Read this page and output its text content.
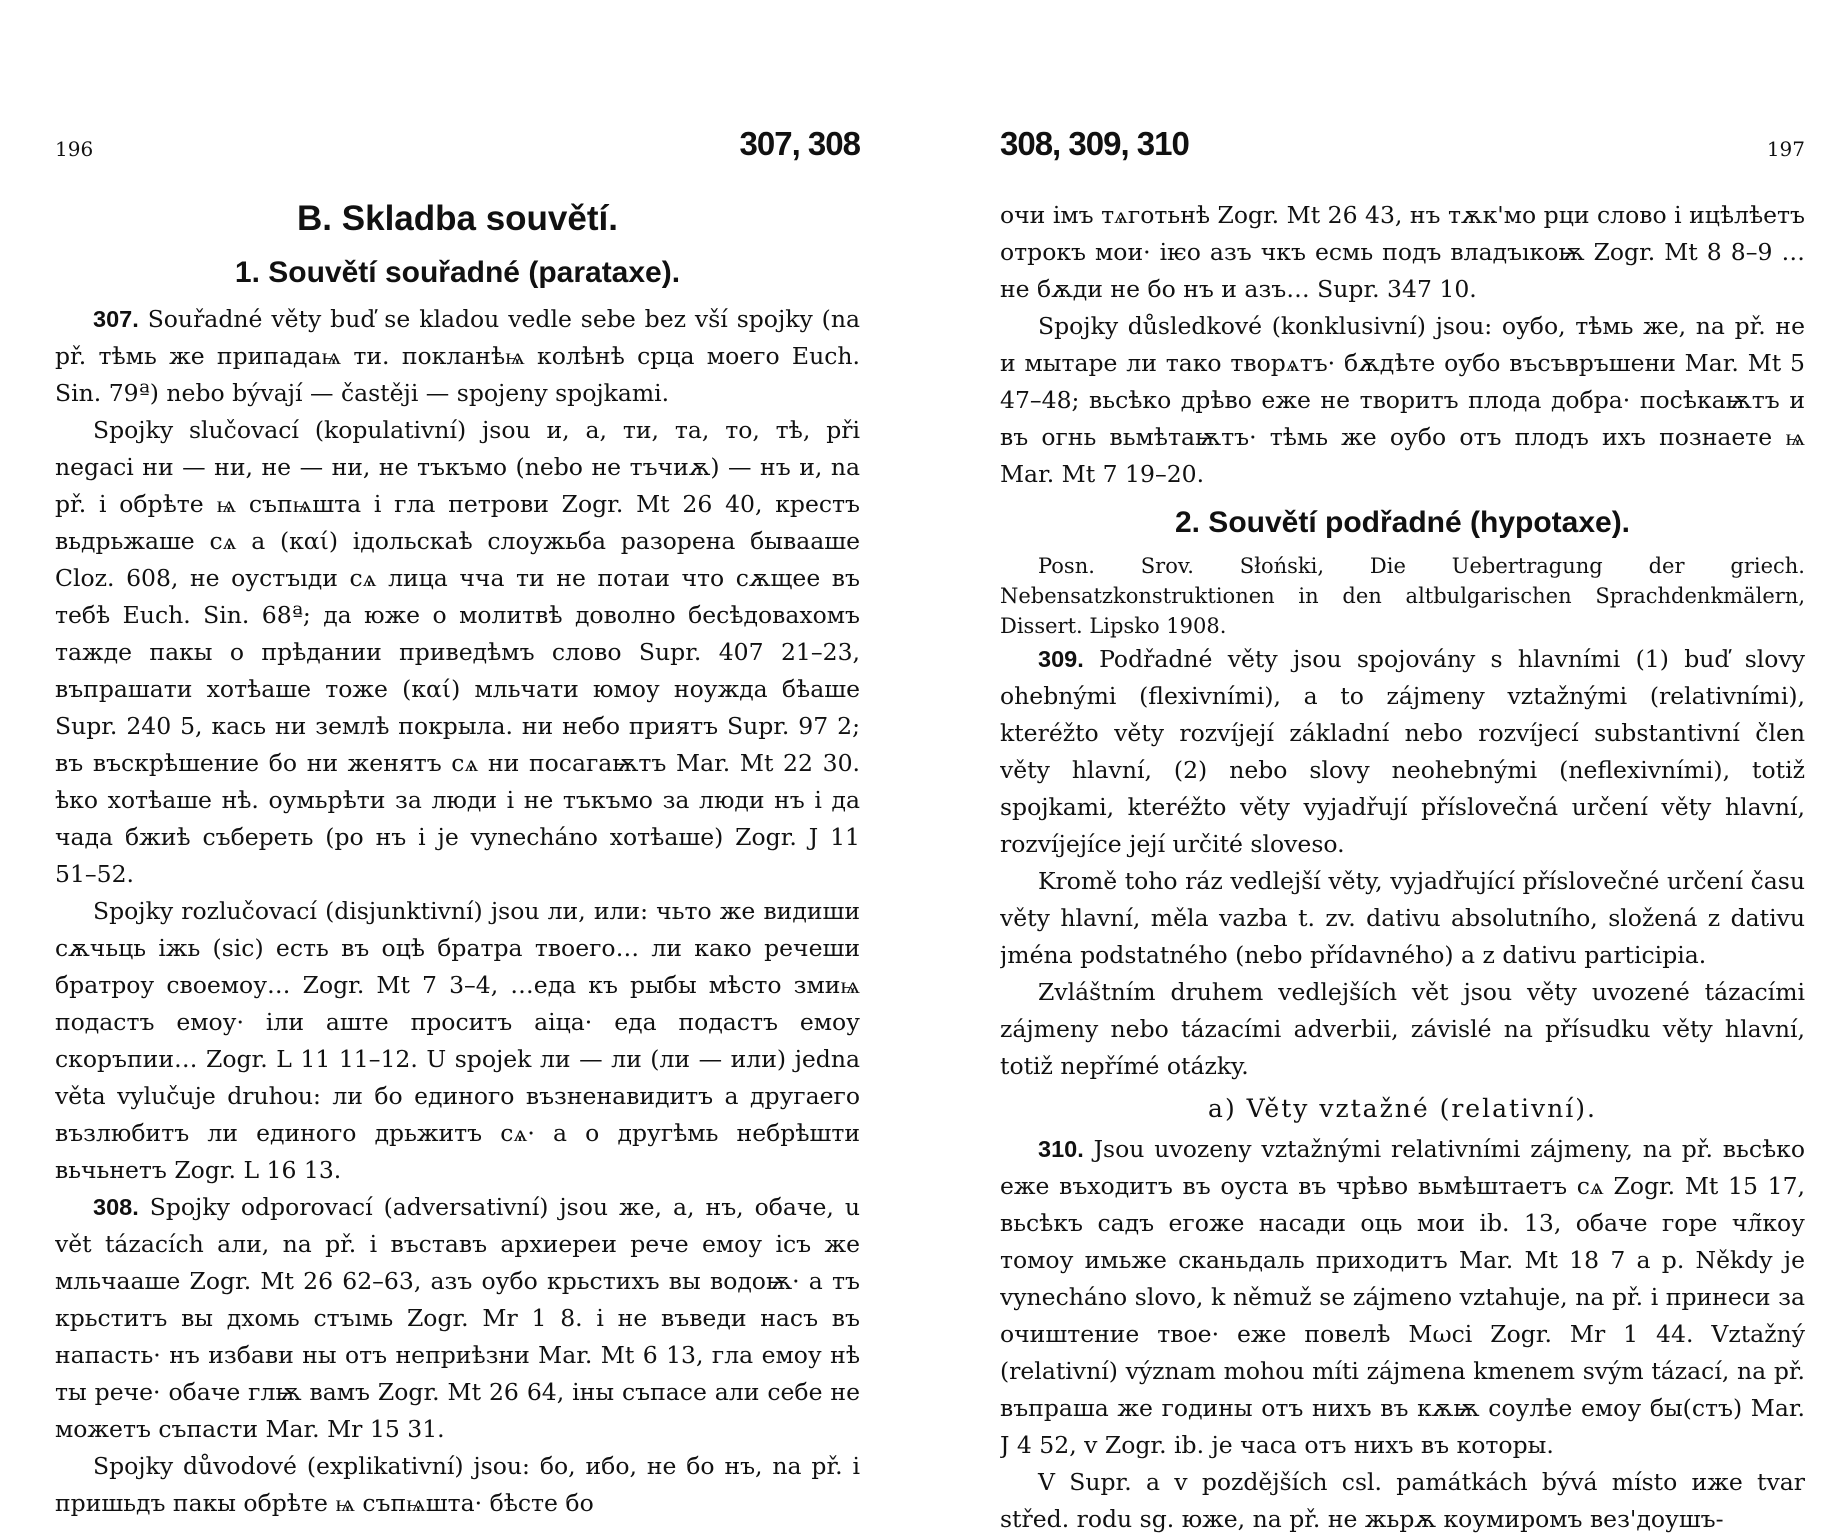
196	307, 308
B. Skladba souvětí.
1. Souvětí souřadné (parataxe).

307. Souřadné věty buď se kladou vedle sebe bez vší spojky (na př. тѣмь же припадаѩ ти. покланѣѩ колѣнѣ срца моего Euch. Sin. 79ª) nebo bývají — častěji — spojeny spojkami.

Spojky slučovací (kopulativní) jsou и, а, ти, та, то, тѣ, při negaci ни — ни, не — ни, не тъкъмо (nebo не тъчиѫ) — нъ и, na př. і обрѣте ѩ съпѩшта і гла петрови Zogr. Mt 26 40, крестъ вьдрьжаше сѧ а (καί) ідольскаѣ слоужьба разорена бывааше Cloz. 608, не оустъıди сѧ лица чча ти не потаи что сѫщее въ тебѣ Euch. Sin. 68ª; да юже о молитвѣ доволно бесѣдовахомъ тажде пакы о прѣдании приведѣмъ слово Supr. 407 21–23, въпрашати хотѣаше тоже (καί) мльчати юмоу ноужда бѣаше Supr. 240 5, кась ни землѣ покрыла. ни небо приятъ Supr. 97 2; въ въскрѣшение бо ни женятъ сѧ ни посагаѭтъ Mar. Mt 22 30. ѣко хотѣаше нѣ. оумьрѣти за люди і не тъкъмо за люди нъ і да чада бжиѣ събереть (po нъ і je vynecháno хотѣаше) Zogr. J 11 51–52.

Spojky rozlučovací (disjunktivní) jsou ли, или: чьто же видиши сѫчьць іжь (sic) есть въ оцѣ братра твоего… ли како речеши братроу своемоу… Zogr. Mt 7 3–4, …еда къ рыбы мѣсто змиѩ подастъ емоу· іли аште проситъ аіца· еда подастъ емоу скоръпии… Zogr. L 11 11–12. U spojek ли — ли (ли — или) jedna věta vylučuje druhou: ли бо единого възненавидитъ а другаего възлюбитъ ли единого дрьжитъ сѧ· а о другѣмь небрѣшти вьчьнетъ Zogr. L 16 13.

308. Spojky odporovací (adversativní) jsou же, а, нъ, обаче, u vět tázacích али, na př. і въставъ архиереи рече емоу ісъ же мльчааше Zogr. Mt 26 62–63, азъ оубо крьстихъ вы водоѭ· а тъ крьститъ вы дхомь стъıмь Zogr. Mr 1 8. і не въведи насъ въ напасть· нъ избави ны отъ неприѣзни Mar. Mt 6 13, гла емоу нѣ ты рече· обаче глѭ вамъ Zogr. Mt 26 64, іны съпасе али себе не можетъ съпасти Mar. Mr 15 31.

Spojky důvodové (explikativní) jsou: бо, ибо, не бо нъ, na př. і пришьдъ пакы обрѣте ѩ съпѩшта· бѣсте бо

308, 309, 310	197

очи імъ тѧготьнѣ Zogr. Mt 26 43, нъ тѫк'мо рци слово і ицѣлѣетъ отрокъ мои· іѥо азъ чкъ есмь подъ владъıкоѭ Zogr. Mt 8 8–9 …не бѫди не бо нъ и азъ… Supr. 347 10.

Spojky důsledkové (konklusivní) jsou: оубо, тѣмь же, na př. не и мытаре ли тако творѧтъ· бѫдѣте оубо въсъвръшени Mar. Mt 5 47–48; вьсѣко дрѣво еже не творитъ плода добра· посѣкаѭтъ и въ огнь вьмѣтаѭтъ· тѣмь же оубо отъ плодъ ихъ познаете ѩ Mar. Mt 7 19–20.

2. Souvětí podřadné (hypotaxe).

Posn. Srov. Słoński, Die Uebertragung der griech. Nebensatzkonstruktionen in den altbulgarischen Sprachdenkmälern, Dissert. Lipsko 1908.

309. Podřadné věty jsou spojovány s hlavními (1) buď slovy ohebnými (flexivními), a to zájmeny vztažnými (relativními), kteréžto věty rozvíjejí základní nebo rozvíjecí substantivní člen věty hlavní, (2) nebo slovy neohebnými (neflexivními), totiž spojkami, kteréžto věty vyjadřují příslovečná určení věty hlavní, rozvíjejíce její určité sloveso.

Kromě toho ráz vedlejší věty, vyjadřující příslovečné určení času věty hlavní, měla vazba t. zv. dativu absolutního, složená z dativu jména podstatného (nebo přídavného) a z dativu participia.

Zvláštním druhem vedlejších vět jsou věty uvozené tázacími zájmeny nebo tázacími adverbii, závislé na přísudku věty hlavní, totiž nepřímé otázky.

a) Věty vztažné (relativní).

310. Jsou uvozeny vztažnými relativními zájmeny, na př. вьсѣко еже въходитъ въ оуста въ чрѣво вьмѣштаетъ сѧ Zogr. Mt 15 17, вьсѣкъ садъ егоже насади оць мои ib. 13, обаче горе чл̃коу томоу имьже сканьдаль приходитъ Mar. Mt 18 7 a p. Někdy je vynecháno slovo, k němuž se zájmeno vztahuje, na př. і принеси за очиштение твое· еже повелѣ Мωсі Zogr. Mr 1 44. Vztažný (relativní) význam mohou míti zájmena kmenem svým tázací, na př. въпраша же годины отъ нихъ въ кѫѭ соулѣе емоу бы(стъ) Mar. J 4 52, v Zogr. ib. je часа отъ нихъ въ которы.

V Supr. a v pozdějších csl. památkách bývá místo иже tvar střed. rodu sg. юже, na př. не жьрѫ коумиромъ вез'доушъ-
